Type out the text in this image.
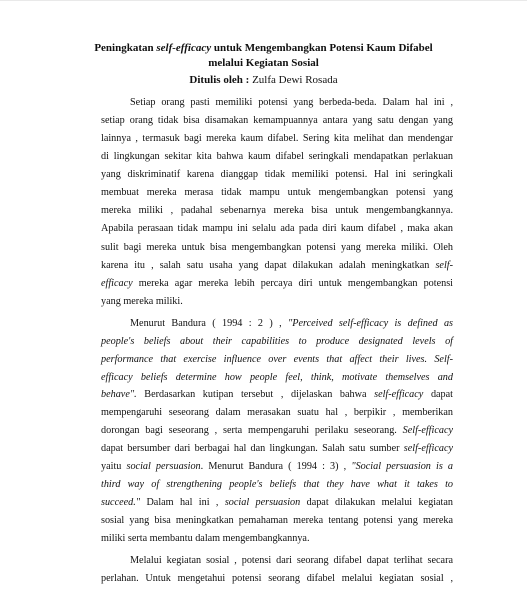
Peningkatan self-efficacy untuk Mengembangkan Potensi Kaum Difabel
melalui Kegiatan Sosial
Ditulis oleh : Zulfa Dewi Rosada
Setiap orang pasti memiliki potensi yang berbeda-beda. Dalam hal ini ,
setiap orang tidak bisa disamakan kemampuannya antara yang satu dengan yang
lainnya , termasuk bagi mereka kaum difabel. Sering kita melihat dan mendengar
di lingkungan sekitar kita bahwa kaum difabel seringkali mendapatkan perlakuan
yang diskriminatif karena dianggap tidak memiliki potensi. Hal ini seringkali
membuat mereka merasa tidak mampu untuk mengembangkan potensi yang
mereka miliki , padahal sebenarnya mereka bisa untuk mengembangkannya.
Apabila perasaan tidak mampu ini selalu ada pada diri kaum difabel , maka akan
sulit bagi mereka untuk bisa mengembangkan potensi yang mereka miliki. Oleh
karena itu , salah satu usaha yang dapat dilakukan adalah meningkatkan self-
efficacy mereka agar mereka lebih percaya diri untuk mengembangkan potensi
yang mereka miliki.
Menurut Bandura ( 1994 : 2 ) , "Perceived self-efficacy is defined as
people's beliefs about their capabilities to produce designated levels of
performance that exercise influence over events that affect their lives. Self-
efficacy beliefs determine how people feel, think, motivate themselves and
behave". Berdasarkan kutipan tersebut , dijelaskan bahwa self-efficacy dapat
mempengaruhi seseorang dalam merasakan suatu hal , berpikir , memberikan
dorongan bagi seseorang , serta mempengaruhi perilaku seseorang. Self-efficacy
dapat bersumber dari berbagai hal dan lingkungan. Salah satu sumber self-efficacy
yaitu social persuasion. Menurut Bandura ( 1994 : 3) , "Social persuasion is a
third way of strengthening people's beliefs that they have what it takes to
succeed." Dalam hal ini , social persuasion dapat dilakukan melalui kegiatan
sosial yang bisa meningkatkan pemahaman mereka tentang potensi yang mereka
miliki serta membantu dalam mengembangkannya.
Melalui kegiatan sosial , potensi dari seorang difabel dapat terlihat secara
perlahan. Untuk mengetahui potensi seorang difabel melalui kegiatan sosial ,
